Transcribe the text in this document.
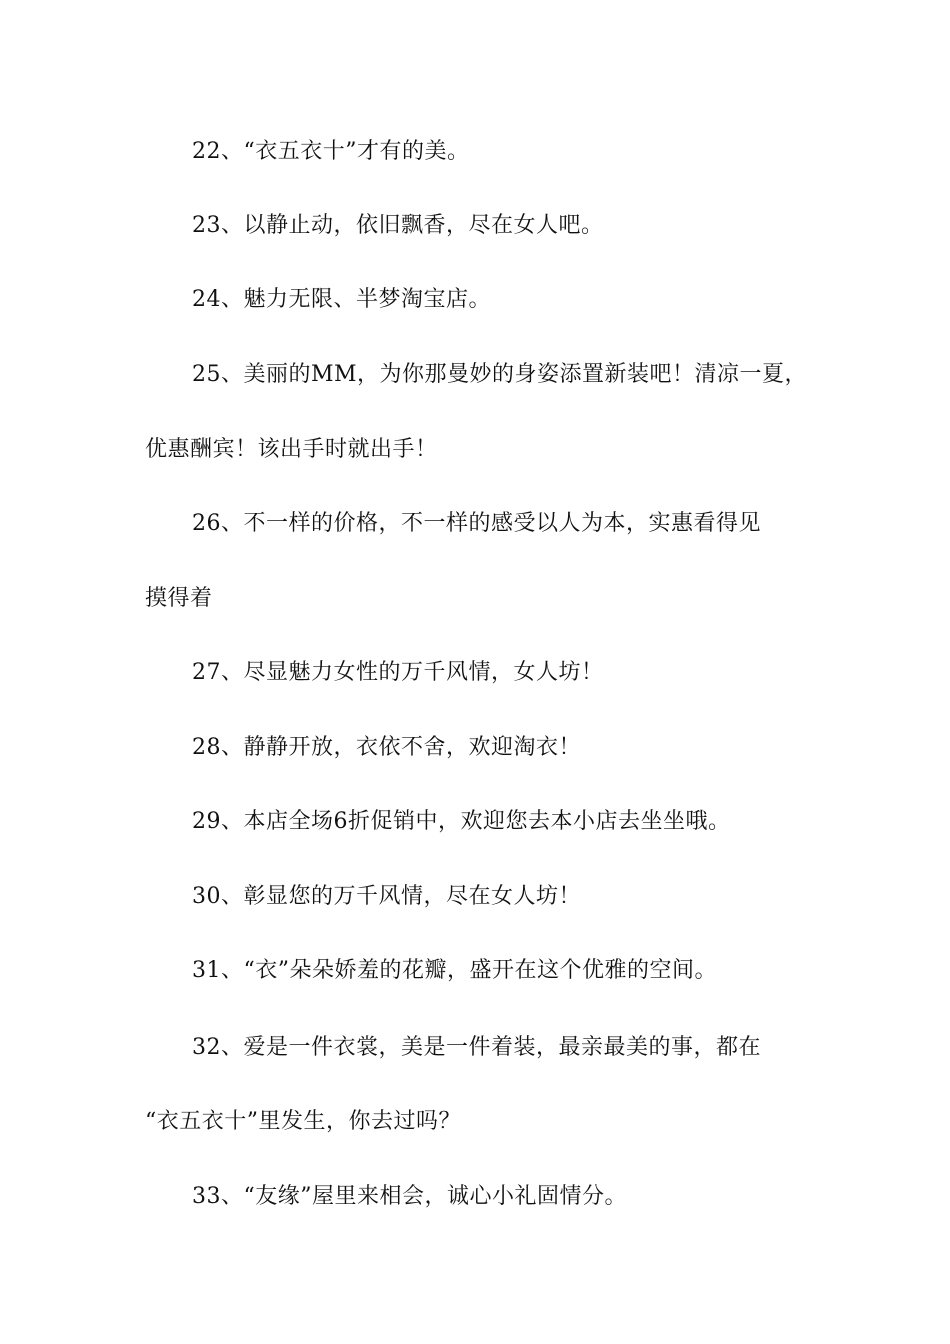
22、“衣五衣十”才有的美。
23、以静止动，依旧飘香，尽在女人吧。
24、魅力无限、半梦淘宝店。
25、美丽的MM，为你那曼妙的身姿添置新装吧！清凉一夏，
优惠酬宾！该出手时就出手！
26、不一样的价格，不一样的感受以人为本，实惠看得见
摸得着
27、尽显魅力女性的万千风情，女人坊！
28、静静开放，衣依不舍，欢迎淘衣！
29、本店全场6折促销中，欢迎您去本小店去坐坐哦。
30、彰显您的万千风情，尽在女人坊！
31、“衣”朵朵娇羞的花瓣，盛开在这个优雅的空间。
32、爱是一件衣裳，美是一件着装，最亲最美的事，都在
“衣五衣十”里发生，你去过吗？
33、“友缘”屋里来相会，诚心小礼固情分。
